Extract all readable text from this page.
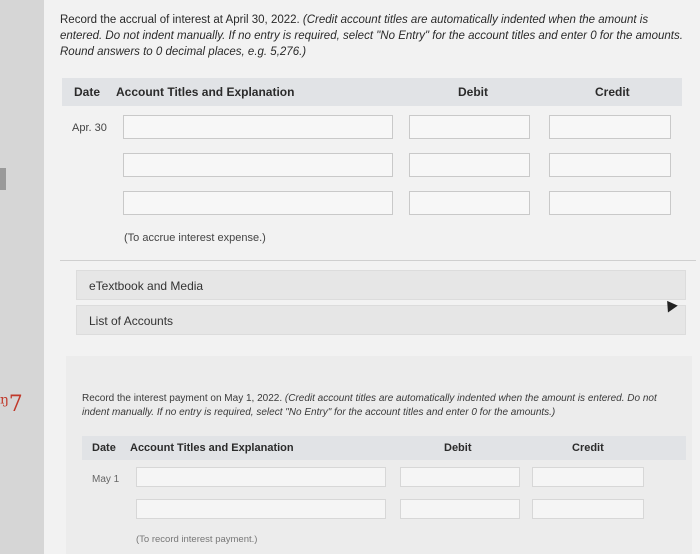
ᵑ7
Record the accrual of interest at April 30, 2022. (Credit account titles are automatically indented when the amount is entered. Do not indent manually. If no entry is required, select "No Entry" for the account titles and enter 0 for the amounts. Round answers to 0 decimal places, e.g. 5,276.)
Date Account Titles and Explanation	Debit	Credit
Apr. 30
(To accrue interest expense.)
eTextbook and Media
List of Accounts
Record the interest payment on May 1, 2022. (Credit account titles are automatically indented when the amount is entered. Do not indent manually. If no entry is required, select "No Entry" for the account titles and enter 0 for the amounts.)
Date Account Titles and Explanation	Debit	Credit
May 1
(To record interest payment.)
